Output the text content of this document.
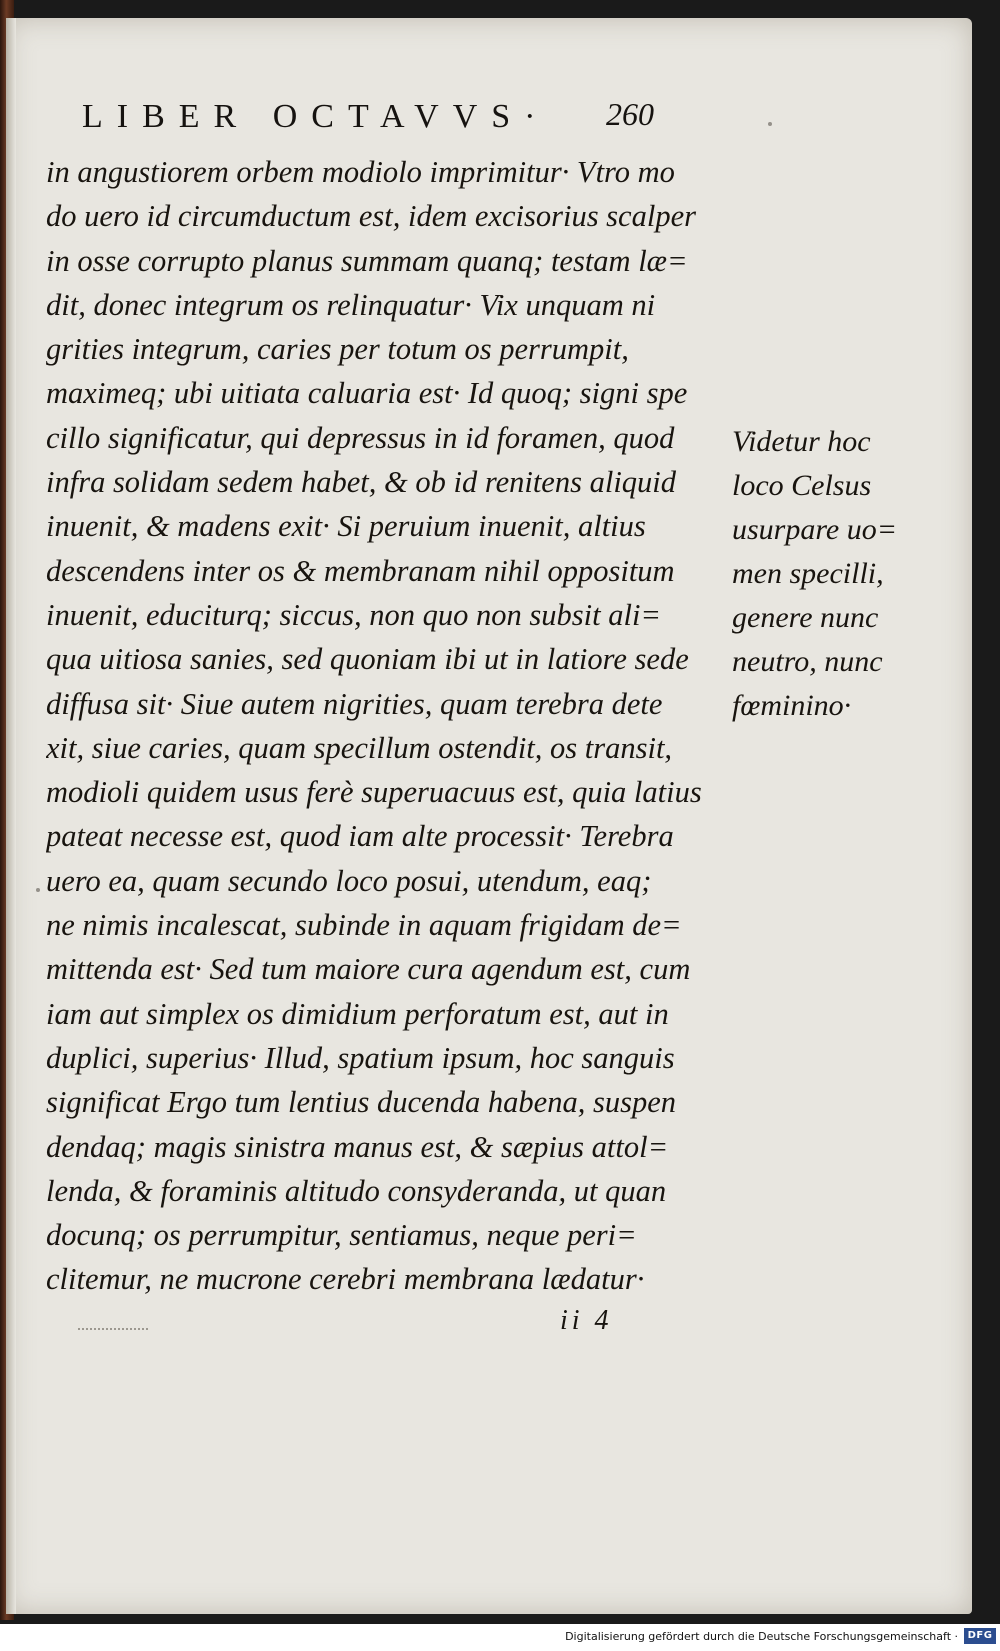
LIBER OCTAVVS· 260
in angustiorem orbem modiolo imprimitur· Vtro mo
do uero id circumductum est, idem excisorius scalper
in osse corrupto planus summam quanq; testam læ=
dit, donec integrum os relinquatur· Vix unquam ni
grities integrum, caries per totum os perrumpit,
maximeq; ubi uitiata caluaria est· Id quoq; signi spe
cillo significatur, qui depressus in id foramen, quod
infra solidam sedem habet, & ob id renitens aliquid
inuenit, & madens exit· Si peruium inuenit, altius
descendens inter os & membranam nihil oppositum
inuenit, educiturq; siccus, non quo non subsit ali=
qua uitiosa sanies, sed quoniam ibi ut in latiore sede
diffusa sit· Siue autem nigrities, quam terebra dete
xit, siue caries, quam specillum ostendit, os transit,
modioli quidem usus ferè superuacuus est, quia latius
pateat necesse est, quod iam alte processit· Terebra
uero ea, quam secundo loco posui, utendum, eaq;
ne nimis incalescat, subinde in aquam frigidam de=
mittenda est· Sed tum maiore cura agendum est, cum
iam aut simplex os dimidium perforatum est, aut in
duplici, superius· Illud, spatium ipsum, hoc sanguis
significat Ergo tum lentius ducenda habena, suspen
dendaq; magis sinistra manus est, & sæpius attol=
lenda, & foraminis altitudo consyderanda, ut quan
docunq; os perrumpitur, sentiamus, neque peri=
clitemur, ne mucrone cerebri membrana lædatur·
Videtur hoc
loco Celsus
usurpare uo=
men specilli,
genere nunc
neutro, nunc
fœminino·
ii 4
Digitalisierung gefördert durch die Deutsche Forschungsgemeinschaft · DFG
